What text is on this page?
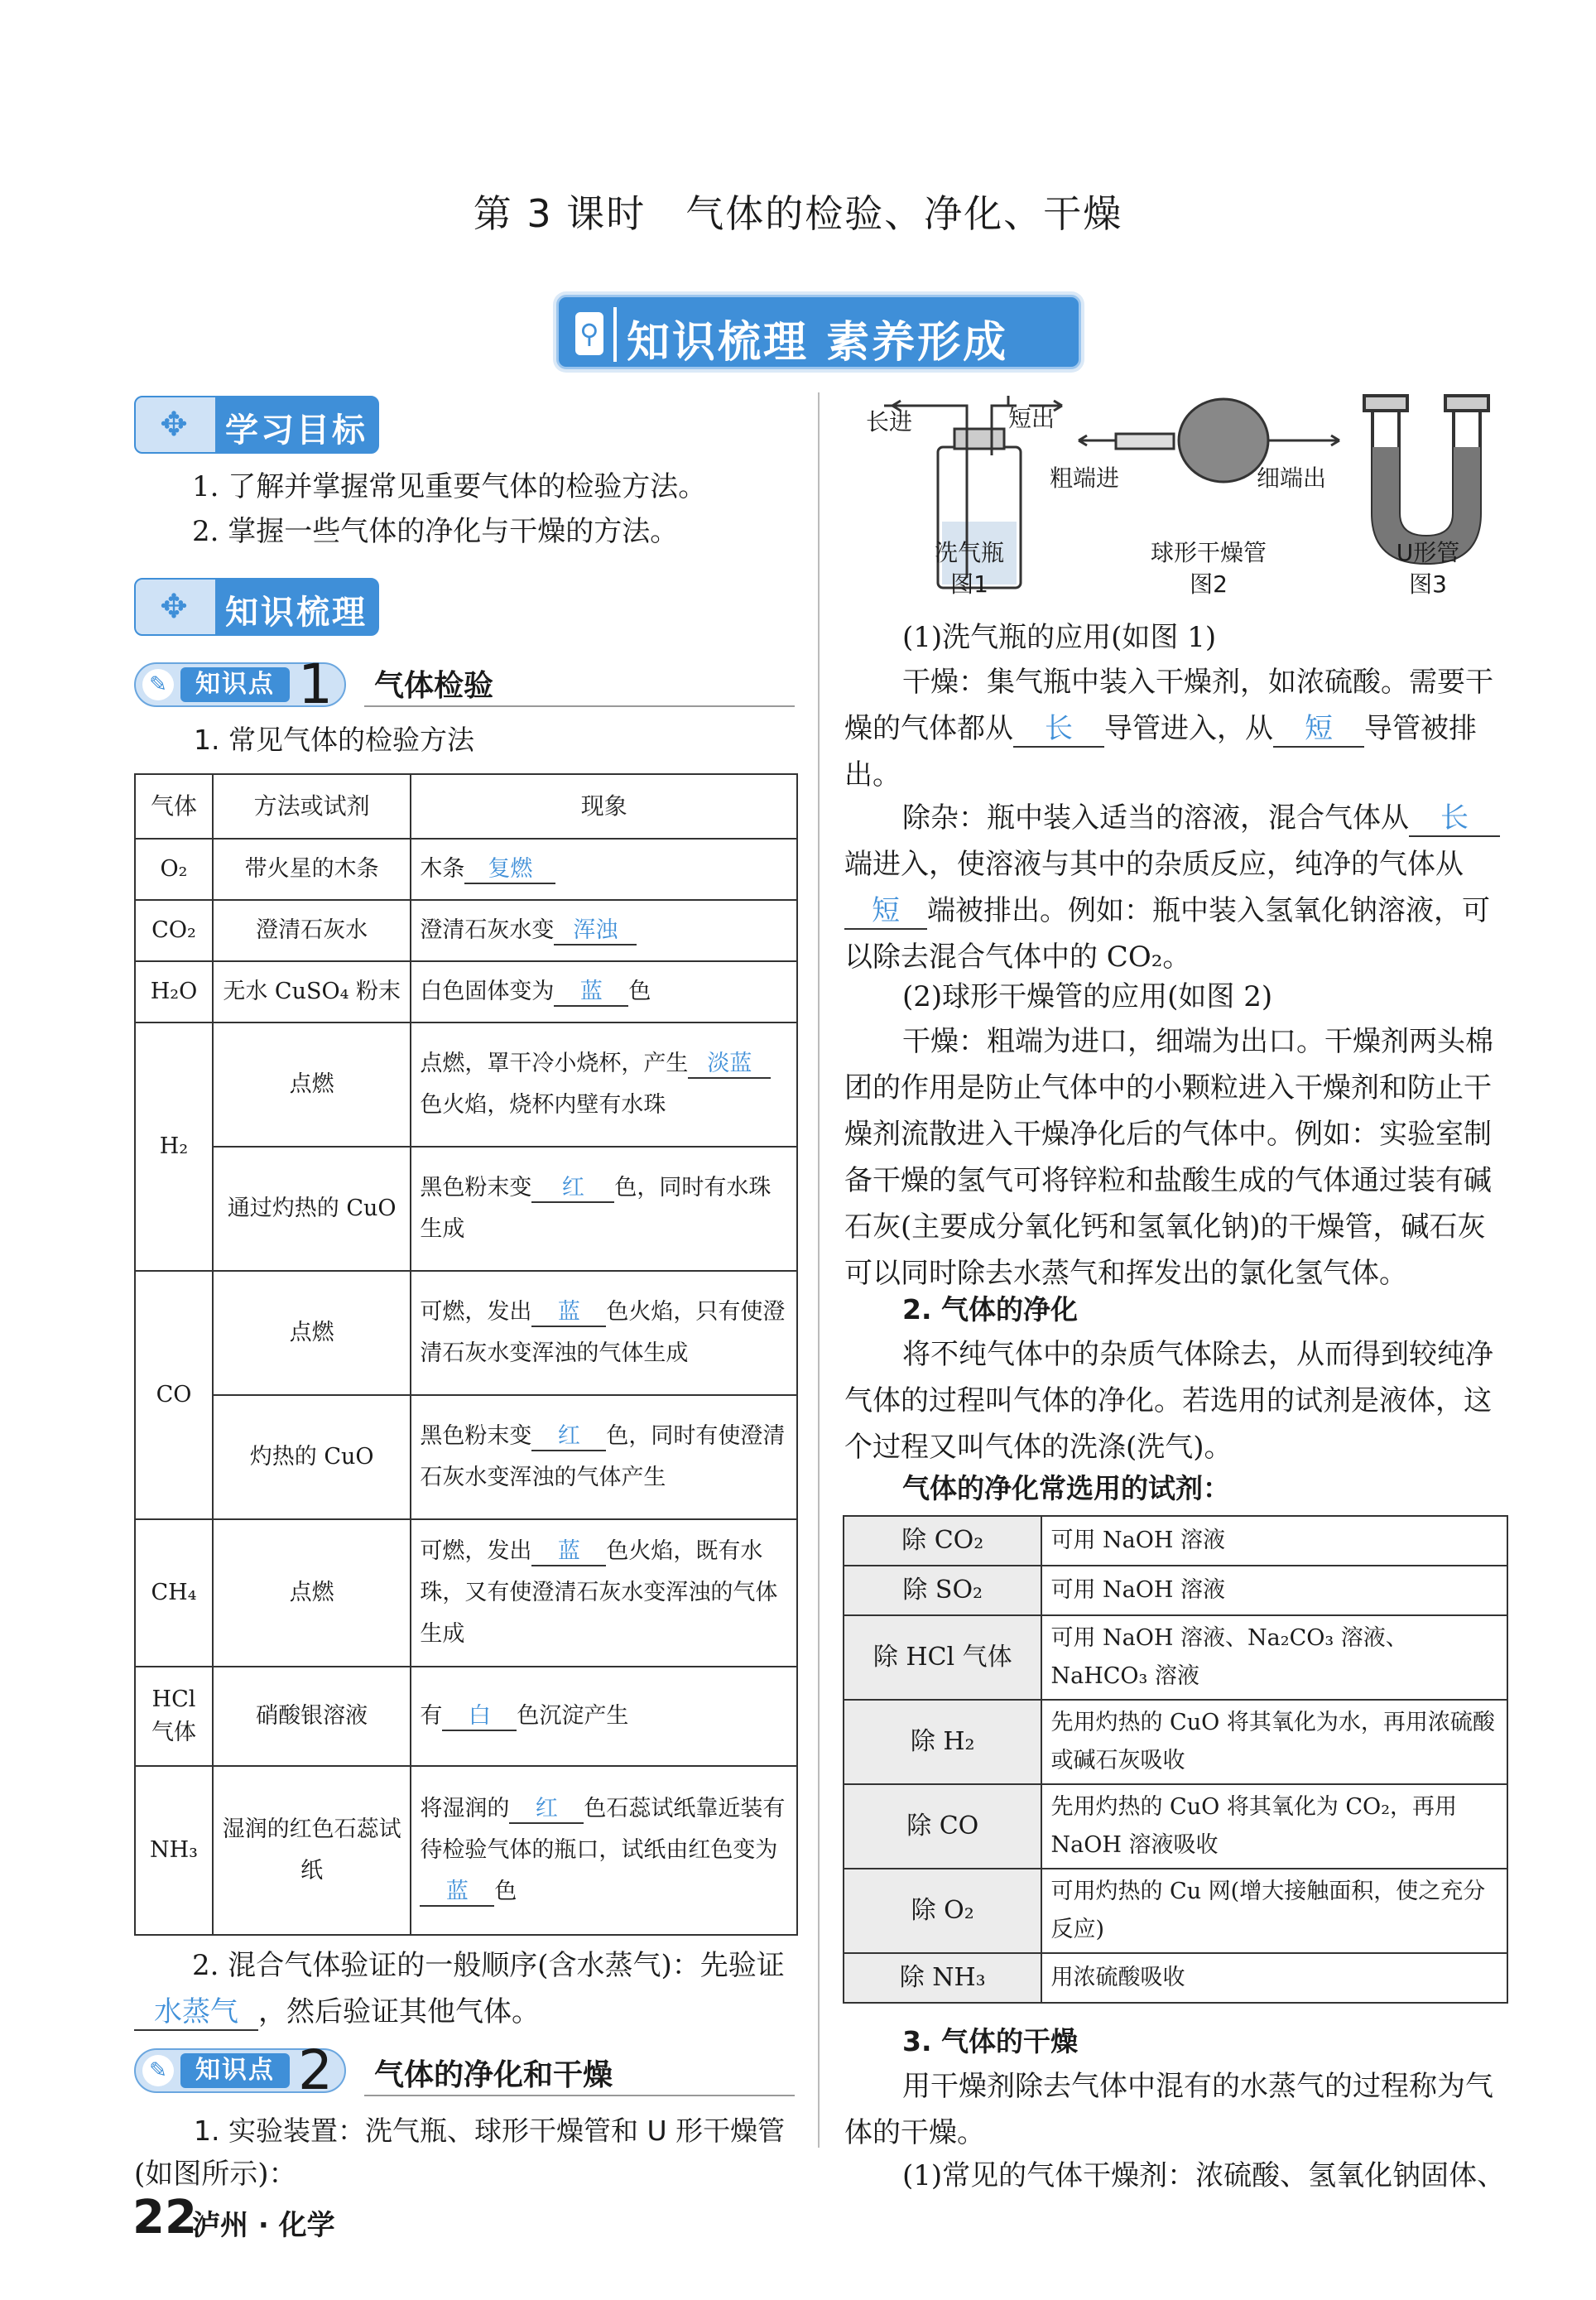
第 3 课时　气体的检验、净化、干燥
⚲ 知识梳理 素养形成
✥ 学习目标
1. 了解并掌握常见重要气体的检验方法。
2. 掌握一些气体的净化与干燥的方法。
✥ 知识梳理
✎	知识点 1 气体检验
1. 常见气体的检验方法
气体	方法或试剂	现象
O₂	带火星的木条	木条 复燃
CO₂	澄清石灰水	澄清石灰水变 浑浊
H₂O	无水 CuSO₄ 粉末	白色固体变为 蓝 色
H₂	点燃	点燃，罩干冷小烧杯，产生 淡蓝色火焰，烧杯内壁有水珠
	通过灼热的 CuO	黑色粉末变 红 色，同时有水珠生成
CO	点燃	可燃，发出 蓝 色火焰，只有使澄清石灰水变浑浊的气体生成
	灼热的 CuO	黑色粉末变 红 色，同时有使澄清石灰水变浑浊的气体产生
CH₄	点燃	可燃，发出 蓝 色火焰，既有水珠，又有使澄清石灰水变浑浊的气体生成
HCl 气体	硝酸银溶液	有 白 色沉淀产生
NH₃	湿润的红色石蕊试纸	将湿润的 红 色石蕊试纸靠近装有待检验气体的瓶口，试纸由红色变为蓝 色
2. 混合气体验证的一般顺序(含水蒸气)：先验证水蒸气 ，然后验证其他气体。
✎	知识点 2 气体的净化和干燥
1. 实验装置：洗气瓶、球形干燥管和 U 形干燥管
(如图所示)：
22
泸州 · 化学
长进	短出
洗气瓶
图1
粗端进	细端出
球形干燥管
图2
U形管
图3
(1)洗气瓶的应用(如图 1)
干燥：集气瓶中装入干燥剂，如浓硫酸。需要干燥的气体都从 长 导管进入，从 短 导管被排出。
除杂：瓶中装入适当的溶液，混合气体从 长端进入，使溶液与其中的杂质反应，纯净的气体从短 端被排出。例如：瓶中装入氢氧化钠溶液，可以除去混合气体中的 CO₂。
(2)球形干燥管的应用(如图 2)
干燥：粗端为进口，细端为出口。干燥剂两头棉团的作用是防止气体中的小颗粒进入干燥剂和防止干燥剂流散进入干燥净化后的气体中。例如：实验室制备干燥的氢气可将锌粒和盐酸生成的气体通过装有碱石灰(主要成分氧化钙和氢氧化钠)的干燥管，碱石灰可以同时除去水蒸气和挥发出的氯化氢气体。
2. 气体的净化
将不纯气体中的杂质气体除去，从而得到较纯净气体的过程叫气体的净化。若选用的试剂是液体，这个过程又叫气体的洗涤(洗气)。
气体的净化常选用的试剂：
除 CO₂	可用 NaOH 溶液
除 SO₂	可用 NaOH 溶液
除 HCl 气体	可用 NaOH 溶液、Na₂CO₃ 溶液、NaHCO₃ 溶液
除 H₂	先用灼热的 CuO 将其氧化为水，再用浓硫酸或碱石灰吸收
除 CO	先用灼热的 CuO 将其氧化为 CO₂，再用 NaOH 溶液吸收
除 O₂	可用灼热的 Cu 网(增大接触面积，使之充分反应)
除 NH₃	用浓硫酸吸收
3. 气体的干燥
用干燥剂除去气体中混有的水蒸气的过程称为气体的干燥。
(1)常见的气体干燥剂：浓硫酸、氢氧化钠固体、
